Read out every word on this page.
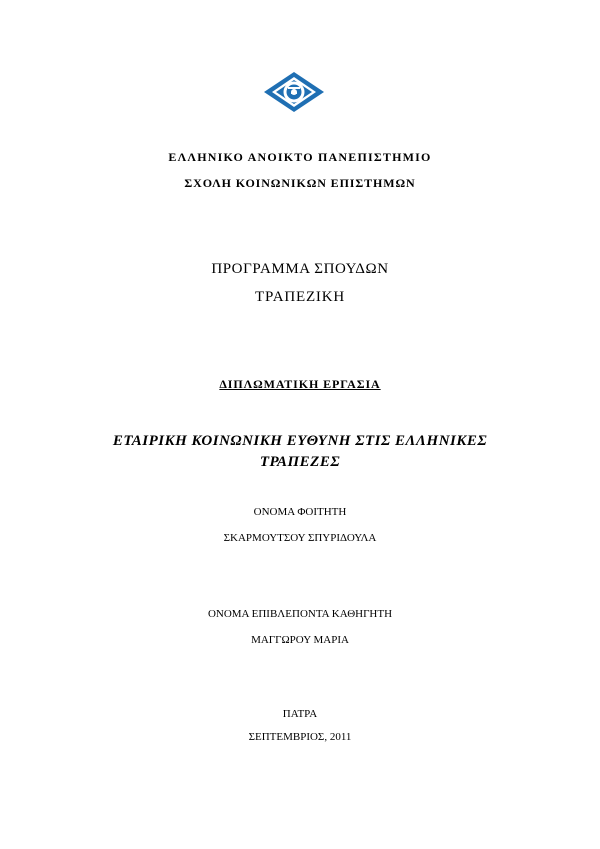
ΕΛΛΗΝΙΚΟ ΑΝΟΙΚΤΟ ΠΑΝΕΠΙΣΤΗΜΙΟ
ΣΧΟΛΗ ΚΟΙΝΩΝΙΚΩΝ ΕΠΙΣΤΗΜΩΝ
ΠΡΟΓΡΑΜΜΑ ΣΠΟΥΔΩΝ
ΤΡΑΠΕΖΙΚΗ
ΔΙΠΛΩΜΑΤΙΚΗ ΕΡΓΑΣΙΑ
ΕΤΑΙΡΙΚΗ ΚΟΙΝΩΝΙΚΗ ΕΥΘΥΝΗ ΣΤΙΣ ΕΛΛΗΝΙΚΕΣ
ΤΡΑΠΕΖΕΣ
ΟΝΟΜΑ ΦΟΙΤΗΤΗ
ΣΚΑΡΜΟΥΤΣΟΥ ΣΠΥΡΙΔΟΥΛΑ
ΟΝΟΜΑ ΕΠΙΒΛΕΠΟΝΤΑ ΚΑΘΗΓΗΤΗ
ΜΑΓΓΩΡΟΥ ΜΑΡΙΑ
ΠΑΤΡΑ
ΣΕΠΤΕΜΒΡΙΟΣ, 2011
